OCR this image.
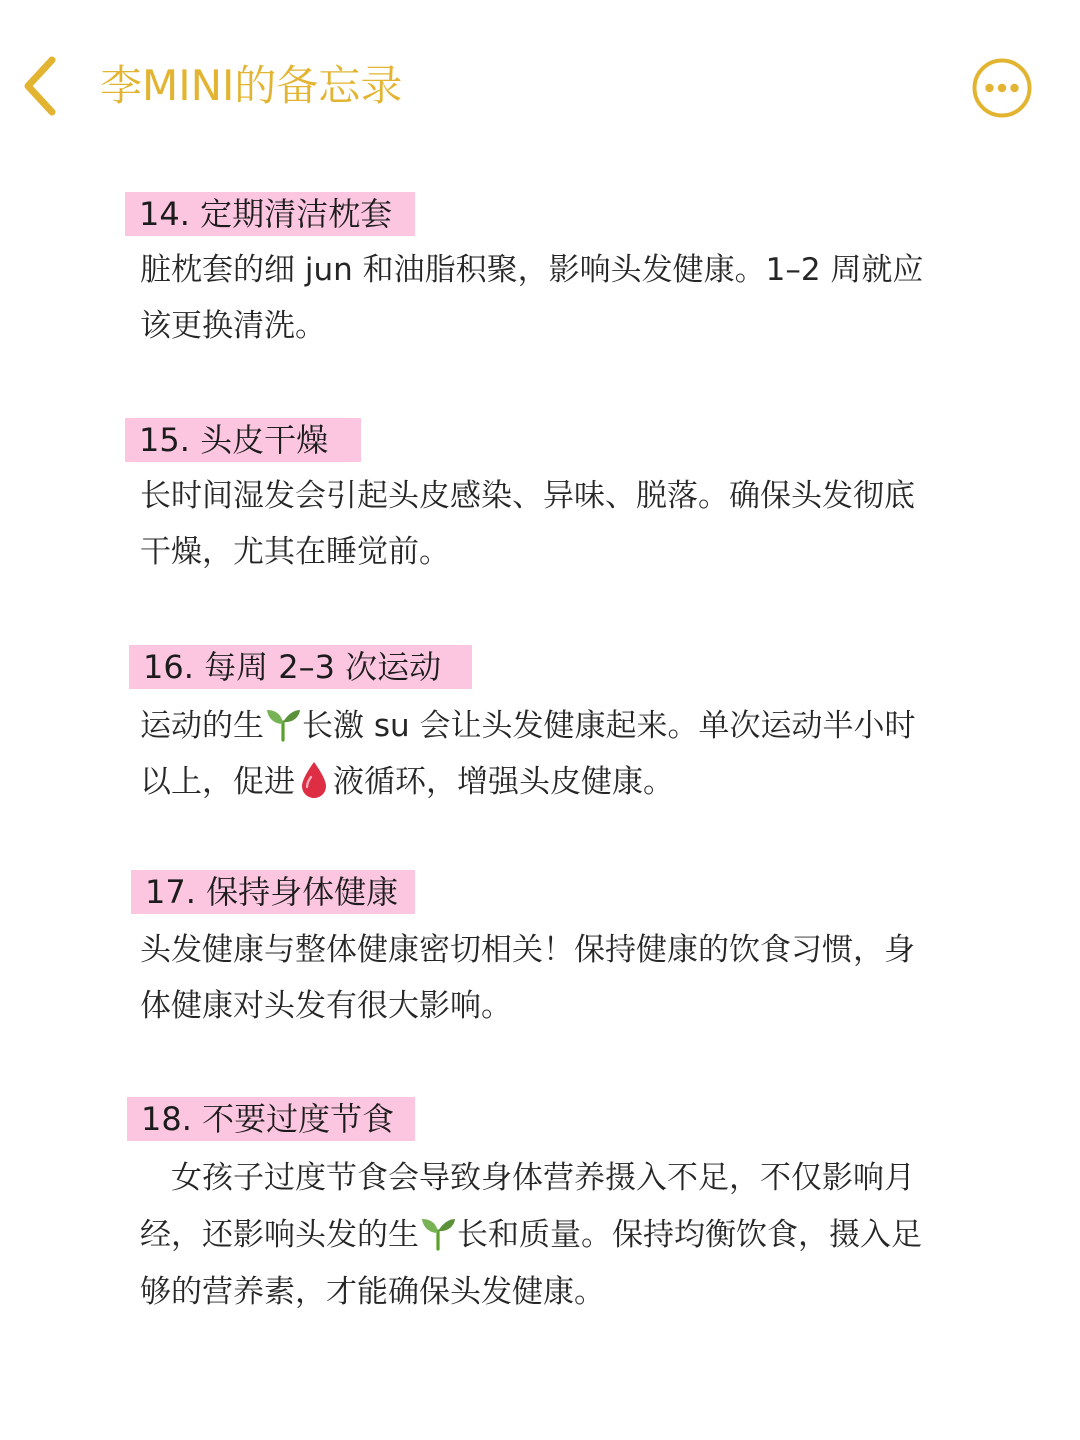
李MINI的备忘录
14. 定期清洁枕套
脏枕套的细 jun 和油脂积聚，影响头发健康。1–2 周就应
该更换清洗。
15. 头皮干燥
长时间湿发会引起头皮感染、异味、脱落。确保头发彻底
干燥，尤其在睡觉前。
16. 每周 2–3 次运动
运动的生 长激 su 会让头发健康起来。单次运动半小时
以上，促进 液循环，增强头皮健康。
17. 保持身体健康
头发健康与整体健康密切相关！保持健康的饮食习惯，身
体健康对头发有很大影响。
18. 不要过度节食
　女孩子过度节食会导致身体营养摄入不足，不仅影响月
经，还影响头发的生 长和质量。保持均衡饮食，摄入足
够的营养素，才能确保头发健康。
